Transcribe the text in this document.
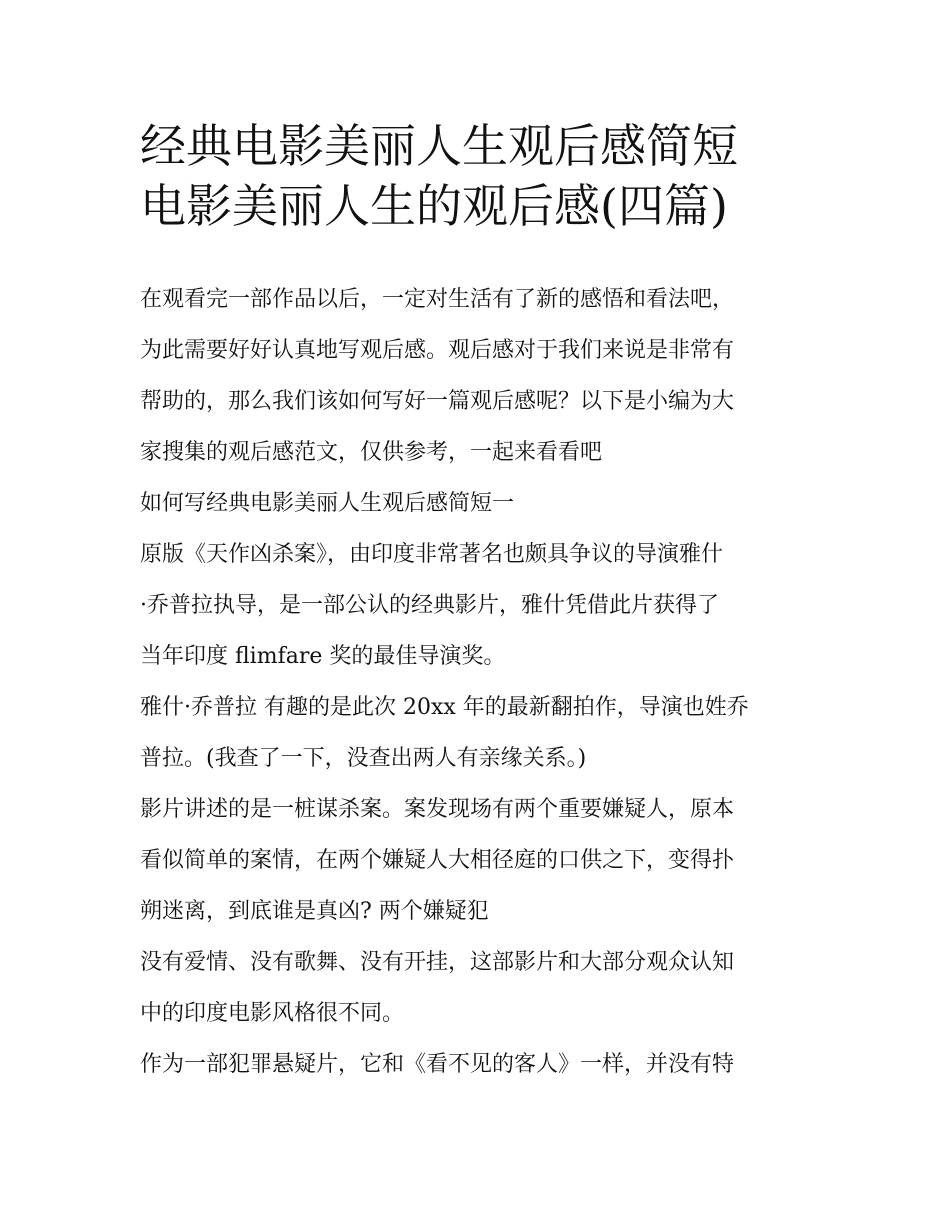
经典电影美丽人生观后感简短
电影美丽人生的观后感(四篇)
在观看完一部作品以后，一定对生活有了新的感悟和看法吧，
为此需要好好认真地写观后感。观后感对于我们来说是非常有
帮助的，那么我们该如何写好一篇观后感呢？以下是小编为大
家搜集的观后感范文，仅供参考，一起来看看吧
如何写经典电影美丽人生观后感简短一
原版《天作凶杀案》，由印度非常著名也颇具争议的导演雅什
·乔普拉执导，是一部公认的经典影片，雅什凭借此片获得了
当年印度 flimfare 奖的最佳导演奖。
雅什·乔普拉 有趣的是此次 20xx 年的最新翻拍作，导演也姓乔
普拉。(我查了一下，没查出两人有亲缘关系。)
影片讲述的是一桩谋杀案。案发现场有两个重要嫌疑人，原本
看似简单的案情，在两个嫌疑人大相径庭的口供之下，变得扑
朔迷离，到底谁是真凶? 两个嫌疑犯
没有爱情、没有歌舞、没有开挂，这部影片和大部分观众认知
中的印度电影风格很不同。
作为一部犯罪悬疑片，它和《看不见的客人》一样，并没有特
